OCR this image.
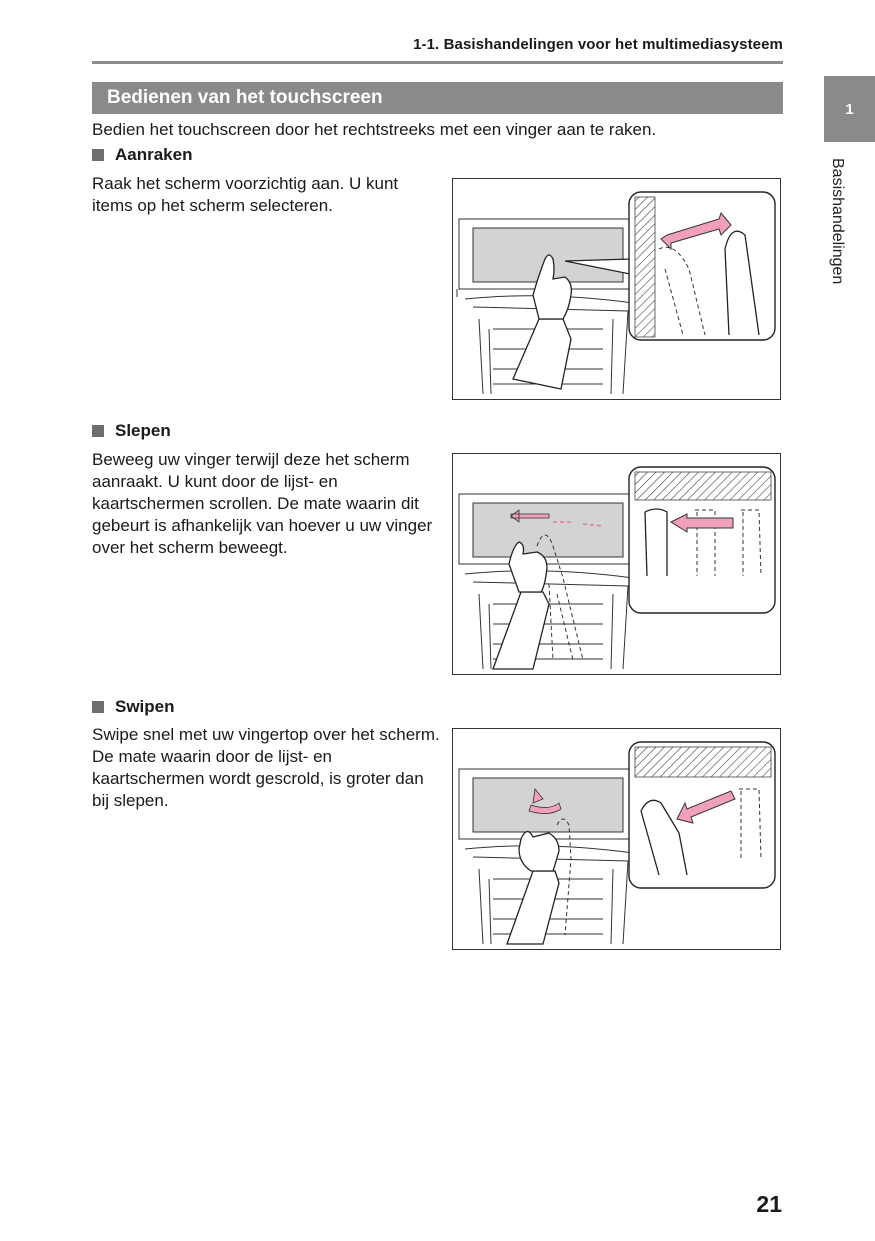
1-1. Basishandelingen voor het multimediasysteem
1
Basishandelingen
Bedienen van het touchscreen
Bedien het touchscreen door het rechtstreeks met een vinger aan te raken.
Aanraken
Raak het scherm voorzichtig aan. U kunt items op het scherm selecteren.
Slepen
Beweeg uw vinger terwijl deze het scherm aanraakt. U kunt door de lijst- en kaartschermen scrollen. De mate waarin dit gebeurt is afhankelijk van hoever u uw vinger over het scherm beweegt.
Swipen
Swipe snel met uw vingertop over het scherm. De mate waarin door de lijst- en kaartschermen wordt gescrold, is groter dan bij slepen.
21
